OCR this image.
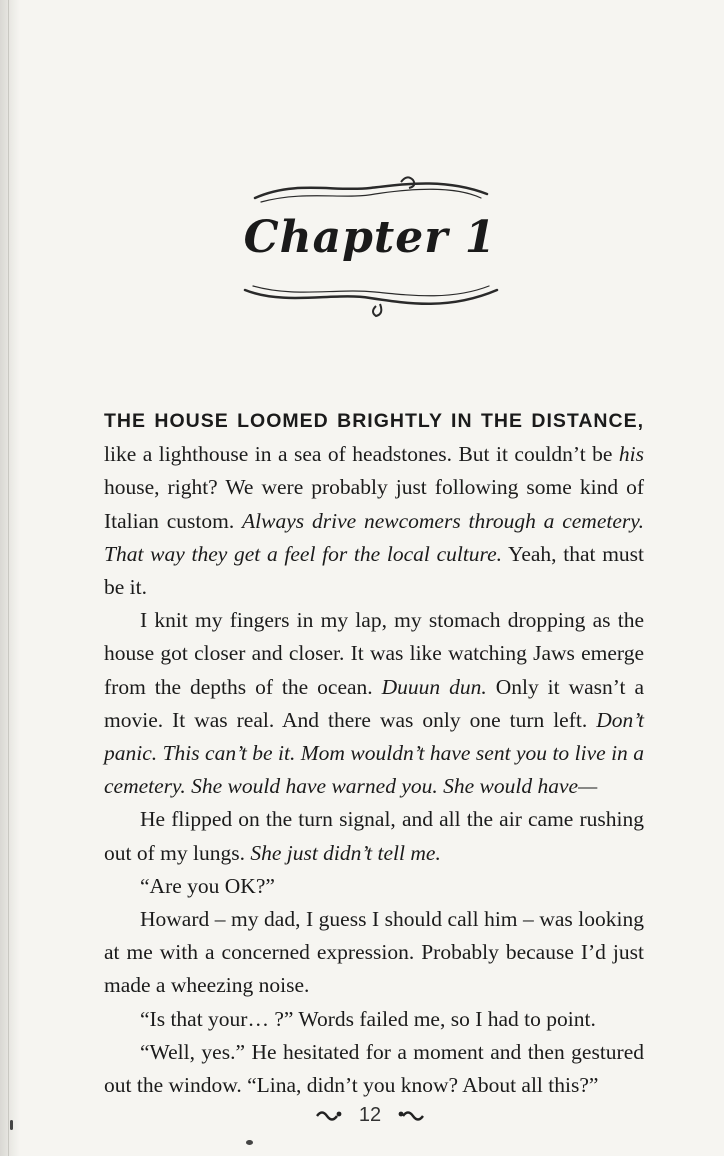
Chapter 1

THE HOUSE LOOMED BRIGHTLY IN THE DISTANCE, like a lighthouse in a sea of headstones. But it couldn’t be his house, right? We were probably just following some kind of Italian custom. Always drive newcomers through a cemetery. That way they get a feel for the local culture. Yeah, that must be it.

I knit my fingers in my lap, my stomach dropping as the house got closer and closer. It was like watching Jaws emerge from the depths of the ocean. Duuun dun. Only it wasn’t a movie. It was real. And there was only one turn left. Don’t panic. This can’t be it. Mom wouldn’t have sent you to live in a cemetery. She would have warned you. She would have—

He flipped on the turn signal, and all the air came rushing out of my lungs. She just didn’t tell me.

“Are you OK?”

Howard – my dad, I guess I should call him – was looking at me with a concerned expression. Probably because I’d just made a wheezing noise.

“Is that your… ?” Words failed me, so I had to point.

“Well, yes.” He hesitated for a moment and then gestured out the window. “Lina, didn’t you know? About all this?”

12
